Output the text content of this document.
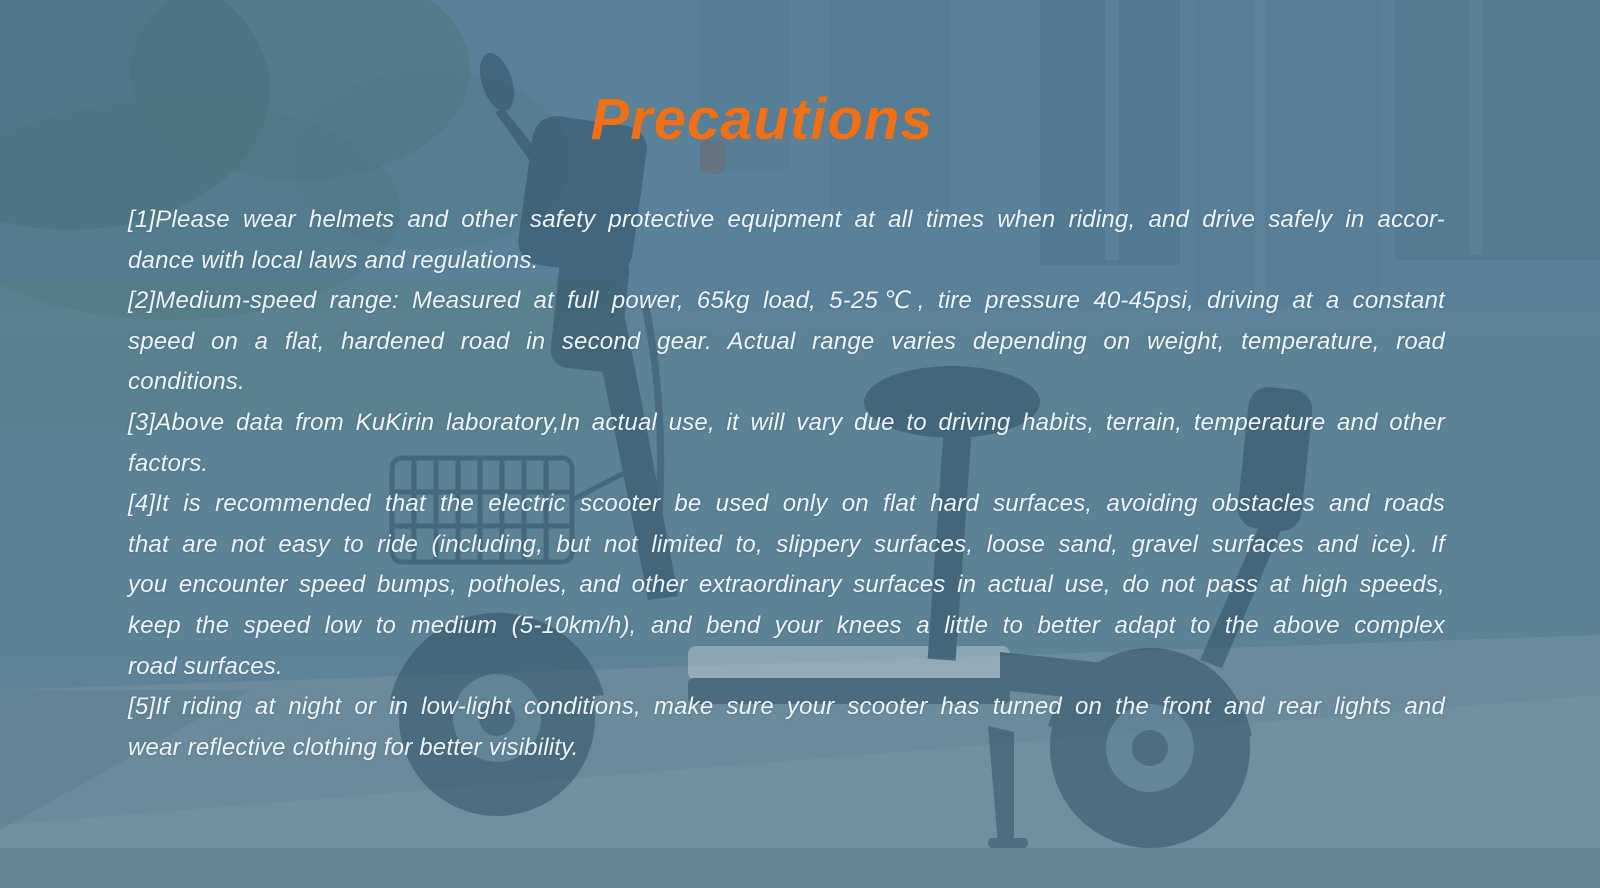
Precautions
[1]Please wear helmets and other safety protective equipment at all times when riding, and drive safely in accor-
dance with local laws and regulations.
[2]Medium-speed range: Measured at full power, 65kg load, 5-25℃, tire pressure 40-45psi, driving at a constant
speed on a flat, hardened road in second gear. Actual range varies depending on weight, temperature, road
conditions.
[3]Above data from KuKirin laboratory,In actual use, it will vary due to driving habits, terrain, temperature and other
factors.
[4]It is recommended that the electric scooter be used only on flat hard surfaces, avoiding obstacles and roads
that are not easy to ride (including, but not limited to, slippery surfaces, loose sand, gravel surfaces and ice). If
you encounter speed bumps, potholes, and other extraordinary surfaces in actual use, do not pass at high speeds,
keep the speed low to medium (5-10km/h), and bend your knees a little to better adapt to the above complex
road surfaces.
[5]If riding at night or in low-light conditions, make sure your scooter has turned on the front and rear lights and
wear reflective clothing for better visibility.
